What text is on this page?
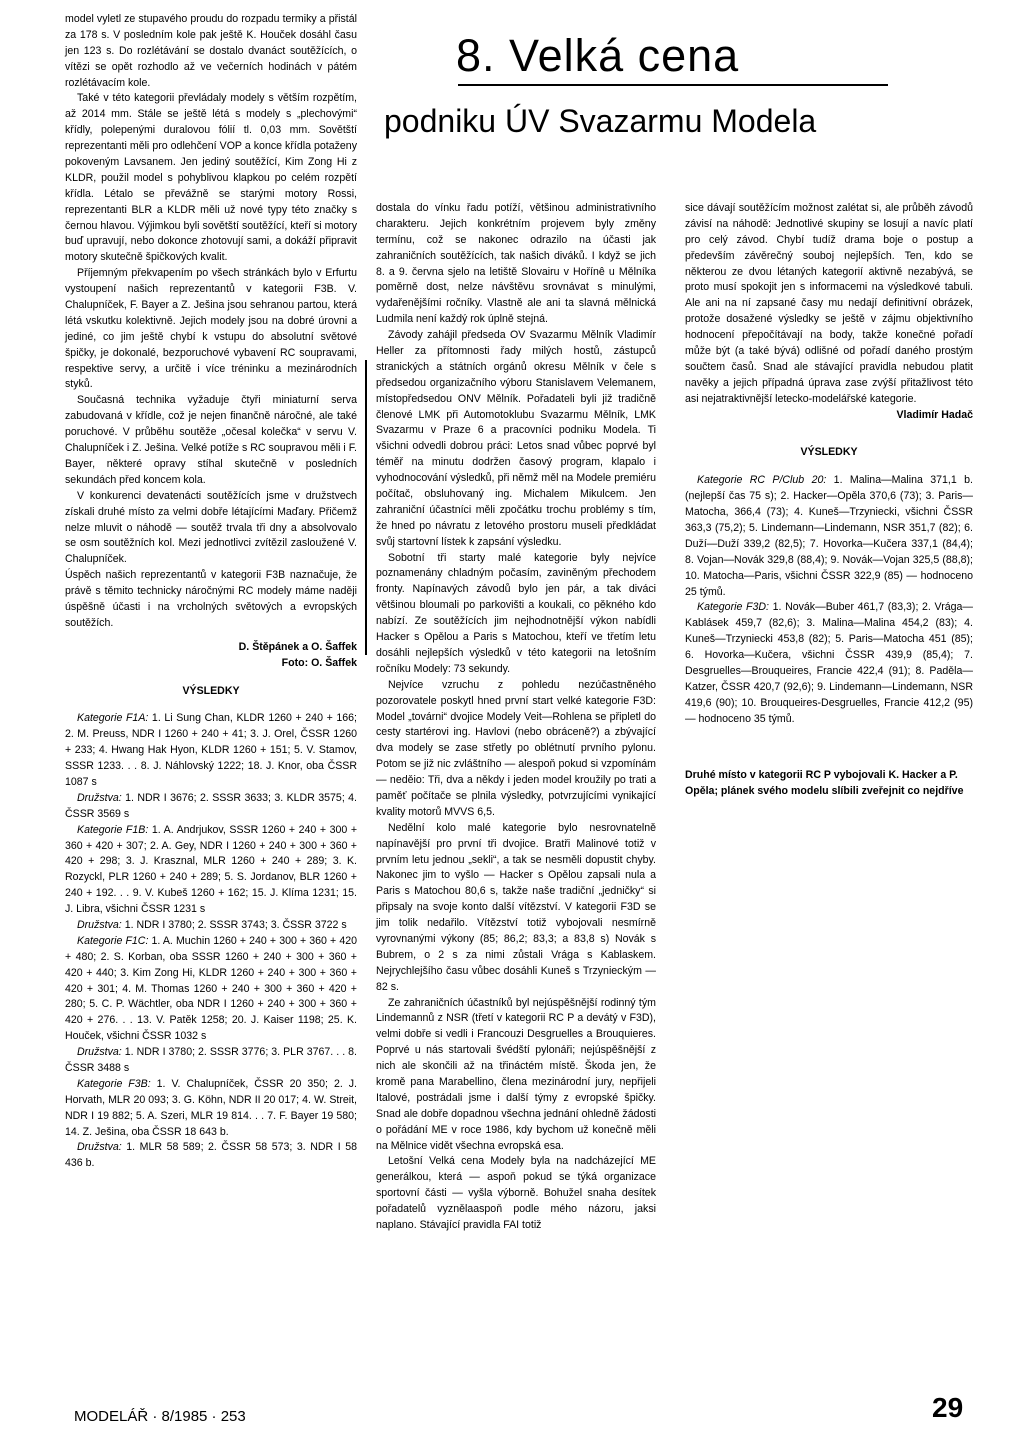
model vyletl ze stupavého proudu do rozpadu termiky a přistál za 178 s. V posledním kole pak ještě K. Houček dosáhl času jen 123 s. Do rozlétávání se dostalo dvanáct soutěžících, o vítězi se opět rozhodlo až ve večerních hodinách v pátém rozlétávacím kole.

Také v této kategorii převládaly modely s větším rozpětím, až 2014 mm. Stále se ještě létá s modely s „plechovými“ křídly, polepenými duralovou fólií tl. 0,03 mm. Sovětští reprezentanti měli pro odlehčení VOP a konce křídla potaženy pokoveným Lavsanem. Jen jediný soutěžící, Kim Zong Hi z KLDR, použil model s pohyblivou klapkou po celém rozpětí křídla. Létalo se převážně se starými motory Rossi, reprezentanti BLR a KLDR měli už nové typy této značky s černou hlavou. Výjimkou byli sovětští soutěžící, kteří si motory buď upravují, nebo dokonce zhotovují sami, a dokáží připravit motory skutečně špičkových kvalit.

Příjemným překvapením po všech stránkách bylo v Erfurtu vystoupení našich reprezentantů v kategorii F3B. V. Chalupníček, F. Bayer a Z. Ješina jsou sehranou partou, která létá vskutku kolektivně. Jejich modely jsou na dobré úrovni a jediné, co jim ještě chybí k vstupu do absolutní světové špičky, je dokonalé, bezporuchové vybavení RC soupravami, respektive servy, a určitě i více tréninku a mezinárodních styků.

Současná technika vyžaduje čtyři miniaturní serva zabudovaná v křídle, což je nejen finančně náročné, ale také poruchové. V průběhu soutěže „očesal kolečka“ v servu V. Chalupníček i Z. Ješina. Velké potíže s RC soupravou měli i F. Bayer, některé opravy stíhal skutečně v posledních sekundách před koncem kola.

V konkurenci devatenácti soutěžících jsme v družstvech získali druhé místo za velmi dobře létajícími Maďary. Přičemž nelze mluvit o náhodě — soutěž trvala tři dny a absolvovalo se osm soutěžních kol. Mezi jednotlivci zvítězil zasloužené V. Chalupníček.

Úspěch našich reprezentantů v kategorii F3B naznačuje, že právě s těmito technicky náročnými RC modely máme naději úspěšně účasti i na vrcholných světových a evropských soutěžích.

D. Štěpánek a O. Šaffek

Foto: O. Šaffek

VÝSLEDKY

Kategorie F1A: 1. Li Sung Chan, KLDR 1260 + 240 + 166; 2. M. Preuss, NDR I 1260 + 240 + 41; 3. J. Orel, ČSSR 1260 + 233; 4. Hwang Hak Hyon, KLDR 1260 + 151; 5. V. Stamov, SSSR 1233. . . 8. J. Náhlovský 1222; 18. J. Knor, oba ČSSR 1087 s

Družstva: 1. NDR I 3676; 2. SSSR 3633; 3. KLDR 3575; 4. ČSSR 3569 s

Kategorie F1B: 1. A. Andrjukov, SSSR 1260 + 240 + 300 + 360 + 420 + 307; 2. A. Gey, NDR I 1260 + 240 + 300 + 360 + 420 + 298; 3. J. Krasznal, MLR 1260 + 240 + 289; 3. K. Rozyckl, PLR 1260 + 240 + 289; 5. S. Jordanov, BLR 1260 + 240 + 192. . . 9. V. Kubeš 1260 + 162; 15. J. Klíma 1231; 15. J. Libra, všichni ČSSR 1231 s

Družstva: 1. NDR I 3780; 2. SSSR 3743; 3. ČSSR 3722 s

Kategorie F1C: 1. A. Muchin 1260 + 240 + 300 + 360 + 420 + 480; 2. S. Korban, oba SSSR 1260 + 240 + 300 + 360 + 420 + 440; 3. Kim Zong Hi, KLDR 1260 + 240 + 300 + 360 + 420 + 301; 4. M. Thomas 1260 + 240 + 300 + 360 + 420 + 280; 5. C. P. Wächtler, oba NDR I 1260 + 240 + 300 + 360 + 420 + 276. . . 13. V. Patěk 1258; 20. J. Kaiser 1198; 25. K. Houček, všichni ČSSR 1032 s

Družstva: 1. NDR I 3780; 2. SSSR 3776; 3. PLR 3767. . . 8. ČSSR 3488 s

Kategorie F3B: 1. V. Chalupníček, ČSSR 20 350; 2. J. Horvath, MLR 20 093; 3. G. Köhn, NDR II 20 017; 4. W. Streit, NDR I 19 882; 5. A. Szeri, MLR 19 814. . . 7. F. Bayer 19 580; 14. Z. Ješina, oba ČSSR 18 643 b.

Družstva: 1. MLR 58 589; 2. ČSSR 58 573; 3. NDR I 58 436 b.

8. Velká cena
podniku ÚV Svazarmu Modela

dostala do vínku řadu potíží, většinou administrativního charakteru. Jejich konkrétním projevem byly změny termínu, což se nakonec odrazilo na účasti jak zahraničních soutěžících, tak našich diváků. I když se jich 8. a 9. června sjelo na letiště Slovairu v Hořínê u Mělníka poměrně dost, nelze návštěvu srovnávat s minulými, vydařenějšími ročníky. Vlastně ale ani ta slavná mělnická Ludmila není každý rok úplně stejná.

Závody zahájil předseda OV Svazarmu Mělník Vladimír Heller za přítomnosti řady milých hostů, zástupců stranických a státních orgánů okresu Mělník v čele s předsedou organizačního výboru Stanislavem Velemanem, místopředsedou ONV Mělník. Pořadateli byli již tradičně členové LMK při Automotoklubu Svazarmu Mělník, LMK Svazarmu v Praze 6 a pracovníci podniku Modela. Ti všichni odvedli dobrou práci: Letos snad vůbec poprvé byl téměř na minutu dodržen časový program, klapalo i vyhodnocování výsledků, při němž měl na Modele premiéru počítač, obsluhovaný ing. Michalem Mikulcem. Jen zahraniční účastníci měli zpočátku trochu problémy s tím, že hned po návratu z letového prostoru museli předkládat svůj startovní lístek k zapsání výsledku.

Sobotní tři starty malé kategorie byly nejvíce poznamenány chladným počasím, zaviněným přechodem fronty. Napínavých závodů bylo jen pár, a tak diváci většinou bloumali po parkovišti a koukali, co pěkného kdo nabízí. Ze soutěžících jim nejhodnotnější výkon nabídli Hacker s Opělou a Paris s Matochou, kteří ve třetím letu dosáhli nejlepších výsledků v této kategorii na letošním ročníku Modely: 73 sekundy.

Nejvíce vzruchu z pohledu nezúčastněného pozorovatele poskytl hned první start velké kategorie F3D: Model „továrni“ dvojice Modely Veit—Rohlena se připletl do cesty startérovi ing. Havlovi (nebo obráceně?) a zbývající dva modely se zase střetly po oblétnutí prvního pylonu. Potom se již nic zvláštního — alespoň pokud si vzpomínám — neděio: Tři, dva a někdy i jeden model kroužily po trati a paměť počítače se plnila výsledky, potvrzujícími vynikající kvality motorů MVVS 6,5.

Nedělní kolo malé kategorie bylo nesrovnatelně napínavější pro první tři dvojice. Bratři Malinové totiž v prvním letu jednou „sekli“, a tak se nesměli dopustit chyby. Nakonec jim to vyšlo — Hacker s Opělou zapsali nula a Paris s Matochou 80,6 s, takže naše tradiční „jedničky“ si připsaly na svoje konto další vítězství. V kategorii F3D se jim tolik nedařilo. Vítězství totiž vybojovali nesmírně vyrovnanými výkony (85; 86,2; 83,3; a 83,8 s) Novák s Bubrem, o 2 s za nimi zůstali Vrága s Kablaskem. Nejrychlejšího času vůbec dosáhli Kuneš s Trzynieckým — 82 s.

Ze zahraničních účastníků byl nejúspěšnější rodinný tým Lindemannů z NSR (třetí v kategorii RC P a devátý v F3D), velmi dobře si vedli i Francouzi Desgruelles a Brouquieres. Poprvé u nás startovali švédští pylonáři; nejúspěšnější z nich ale skončili až na třináctém místě. Škoda jen, že kromě pana Marabellino, člena mezinárodní jury, nepřijeli Italové, postrádali jsme i další týmy z evropské špičky. Snad ale dobře dopadnou všechna jednání ohledně žádosti o pořádání ME v roce 1986, kdy bychom už konečně měli na Mělnice vidět všechna evropská esa.

Letošní Velká cena Modely byla na nadcházející ME generálkou, která — aspoň pokud se týká organizace sportovní části — vyšla výborně. Bohužel snaha desítek pořadatelů vyznělaaspoň podle mého názoru, jaksi naplano. Stávající pravidla FAI totiž

sice dávají soutěžícím možnost zalétat si, ale průběh závodů závisí na náhodě: Jednotlivé skupiny se losují a navíc platí pro celý závod. Chybí tudíž drama boje o postup a především závěrečný souboj nejlepších. Ten, kdo se některou ze dvou létaných kategorií aktivně nezabývá, se proto musí spokojit jen s informacemi na výsledkové tabuli. Ale ani na ní zapsané časy mu nedají definitivní obrázek, protože dosažené výsledky se ještě v zájmu objektivního hodnocení přepočítávají na body, takže konečné pořadí může být (a také bývá) odlišné od pořadí daného prostým součtem časů. Snad ale stávající pravidla nebudou platit navěky a jejich případná úprava zase zvýší přitažlivost této asi nejatraktivnější letecko-modelářské kategorie.

Vladimír Hadač

VÝSLEDKY

Kategorie RC P/Club 20: 1. Malina—Malina 371,1 b. (nejlepší čas 75 s); 2. Hacker—Opěla 370,6 (73); 3. Paris—Matocha, 366,4 (73); 4. Kuneš—Trzyniecki, všichni ČSSR 363,3 (75,2); 5. Lindemann—Lindemann, NSR 351,7 (82); 6. Duží—Duží 339,2 (82,5); 7. Hovorka—Kučera 337,1 (84,4); 8. Vojan—Novák 329,8 (88,4); 9. Novák—Vojan 325,5 (88,8); 10. Matocha—Paris, všichni ČSSR 322,9 (85) — hodnoceno 25 týmů.

Kategorie F3D: 1. Novák—Buber 461,7 (83,3); 2. Vrága—Kablásek 459,7 (82,6); 3. Malina—Malina 454,2 (83); 4. Kuneš—Trzyniecki 453,8 (82); 5. Paris—Matocha 451 (85); 6. Hovorka—Kučera, všichni ČSSR 439,9 (85,4); 7. Desgruelles—Brouqueires, Francie 422,4 (91); 8. Paděla—Katzer, ČSSR 420,7 (92,6); 9. Lindemann—Lindemann, NSR 419,6 (90); 10. Brouqueires-Desgruelles, Francie 412,2 (95) — hodnoceno 35 týmů.

Druhé místo v kategorii RC P vybojovali K. Hacker a P. Opěla; plánek svého modelu slíbili zveřejnit co nejdříve

MODELÁŘ · 8/1985 · 253	29
